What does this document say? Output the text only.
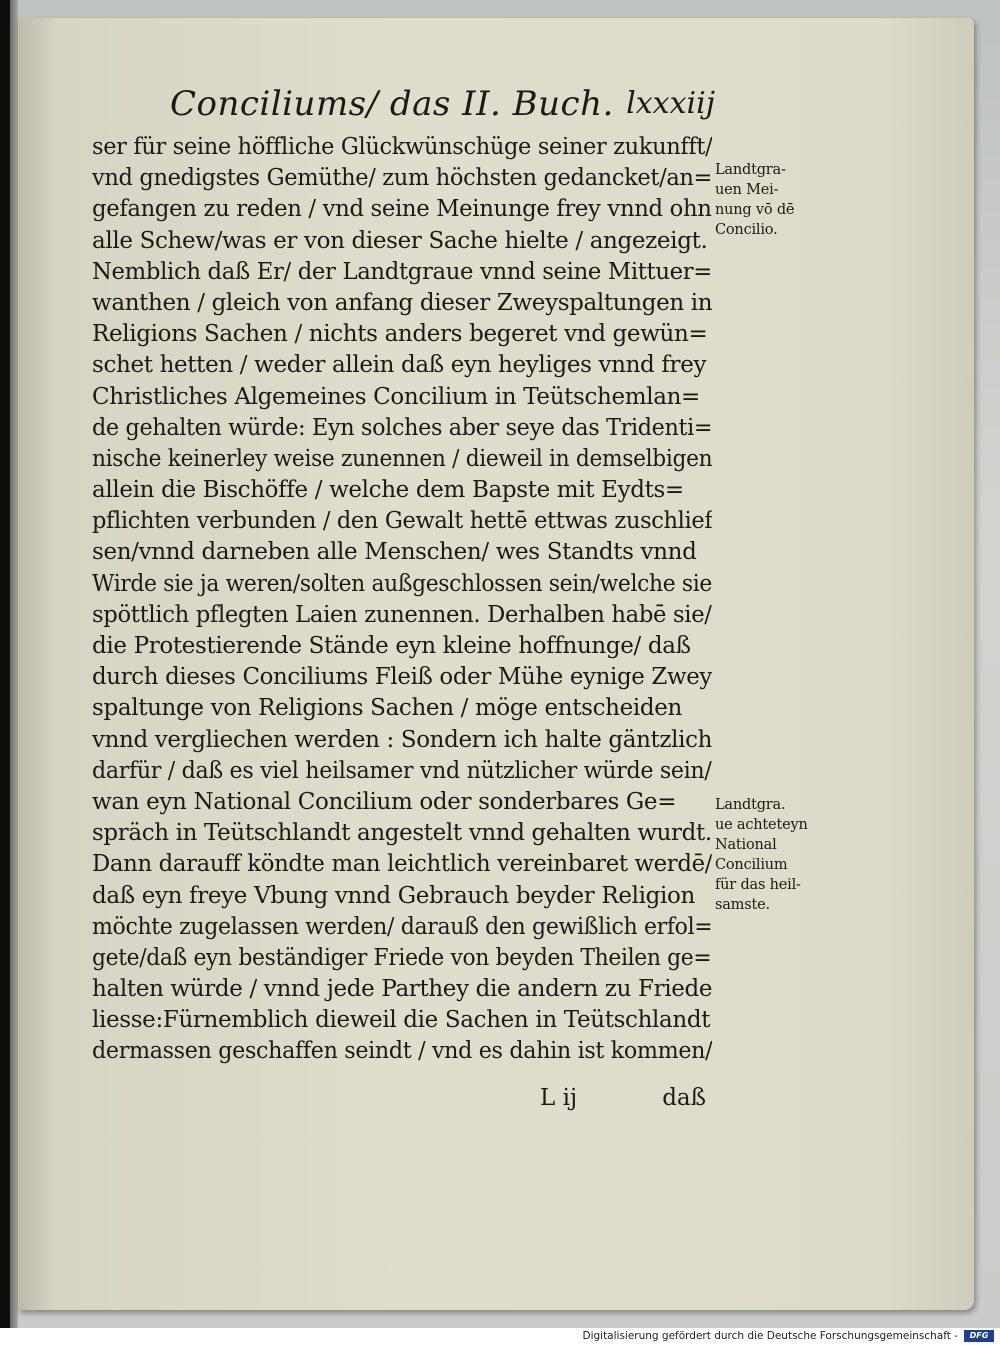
Conciliums/ das II. Buch. lxxxiij
ser für seine höffliche Glückwünschüge seiner zukunfft/
vnd gnedigstes Gemüthe/ zum höchsten gedancket/an=
gefangen zu reden / vnd seine Meinunge frey vnnd ohn
alle Schew/was er von dieser Sache hielte / angezeigt.
Nemblich daß Er/ der Landtgraue vnnd seine Mittuer=
wanthen / gleich von anfang dieser Zweyspaltungen in
Religions Sachen / nichts anders begeret vnd gewün=
schet hetten / weder allein daß eyn heyliges vnnd frey
Christliches Algemeines Concilium in Teütschemlan=
de gehalten würde: Eyn solches aber seye das Tridenti=
nische keinerley weise zunennen / dieweil in demselbigen
allein die Bischöffe / welche dem Bapste mit Eydts=
pflichten verbunden / den Gewalt hettē ettwas zuschlief
sen/vnnd darneben alle Menschen/ wes Standts vnnd
Wirde sie ja weren/solten außgeschlossen sein/welche sie
spöttlich pflegten Laien zunennen. Derhalben habē sie/
die Protestierende Stände eyn kleine hoffnunge/ daß
durch dieses Conciliums Fleiß oder Mühe eynige Zwey
spaltunge von Religions Sachen / möge entscheiden
vnnd vergliechen werden : Sondern ich halte gäntzlich
darfür / daß es viel heilsamer vnd nützlicher würde sein/
wan eyn National Concilium oder sonderbares Ge=
spräch in Teütschlandt angestelt vnnd gehalten wurdt.
Dann darauff köndte man leichtlich vereinbaret werdē/
daß eyn freye Vbung vnnd Gebrauch beyder Religion
möchte zugelassen werden/ darauß den gewißlich erfol=
gete/daß eyn beständiger Friede von beyden Theilen ge=
halten würde / vnnd jede Parthey die andern zu Friede
liesse:Fürnemblich dieweil die Sachen in Teütschlandt
dermassen geschaffen seindt / vnd es dahin ist kommen/
L ij	daß
Landtgra-
uen Mei-
nung vō dē
Concilio.
Landtgra.
ue achteteyn
National
Concilium
für das heil-
samste.
Digitalisierung gefördert durch die Deutsche Forschungsgemeinschaft -	DFG
